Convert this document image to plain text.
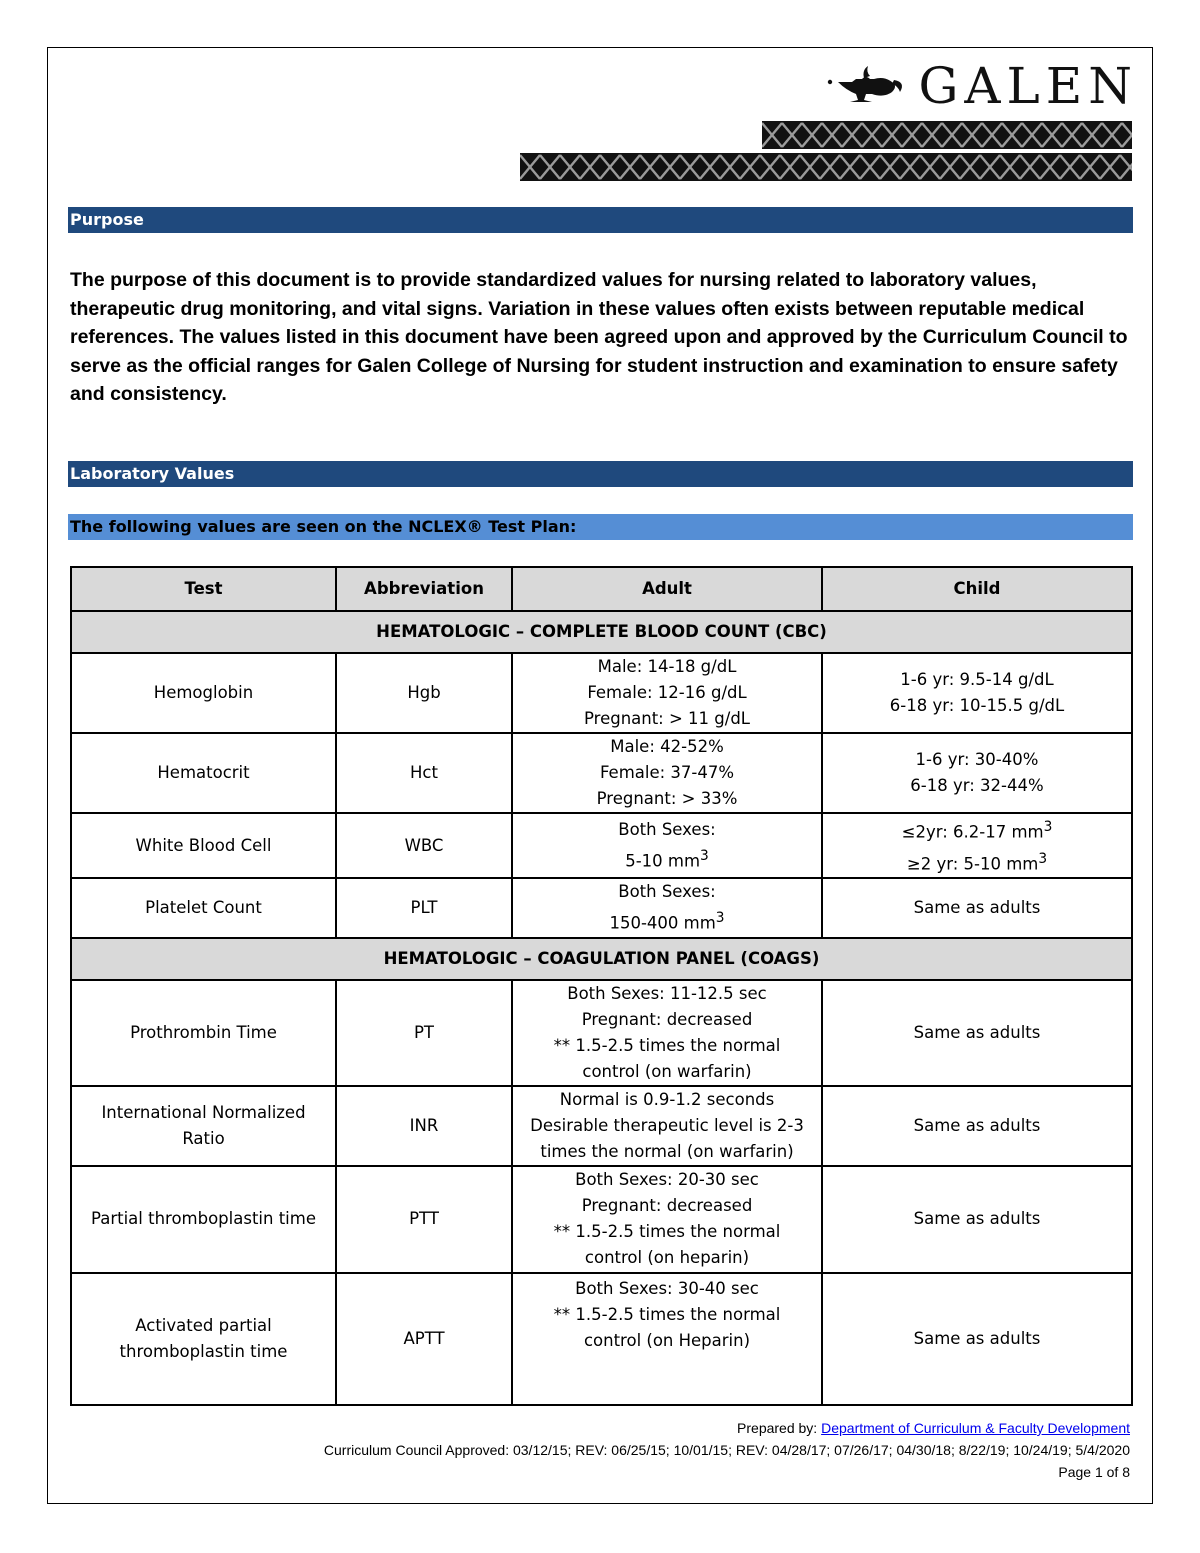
GALEN
Purpose

The purpose of this document is to provide standardized values for nursing related to laboratory values, therapeutic drug monitoring, and vital signs. Variation in these values often exists between reputable medical references. The values listed in this document have been agreed upon and approved by the Curriculum Council to serve as the official ranges for Galen College of Nursing for student instruction and examination to ensure safety and consistency.

Laboratory Values
The following values are seen on the NCLEX® Test Plan:
Test	Abbreviation	Adult	Child
HEMATOLOGIC – COMPLETE BLOOD COUNT (CBC)			
Hemoglobin	Hgb	Male: 14-18 g/dL
Female: 12-16 g/dL
Pregnant: > 11 g/dL	1-6 yr: 9.5-14 g/dL
6-18 yr: 10-15.5 g/dL

Hematocrit	Hct	Male: 42-52%
Female: 37-47%
Pregnant: > 33%	1-6 yr: 30-40%
6-18 yr: 32-44%

White Blood Cell	WBC	Both Sexes:
5-10 $mm^3$	≤2yr: 6.2-17 $mm^3$
≥2 yr: 5-10 $mm^3$

Platelet Count	PLT	Both Sexes:
150-400 $mm^3$	Same as adults
HEMATOLOGIC – COAGULATION PANEL (COAGS)			
Prothrombin Time	PT	Both Sexes: 11-12.5 sec
Pregnant: decreased
** 1.5-2.5 times the normal
control (on warfarin)	Same as adults

International Normalized
Ratio	INR	Normal is 0.9-1.2 seconds
Desirable therapeutic level is 2-3
times the normal (on warfarin)	Same as adults
Partial thromboplastin time	PTT	Both Sexes: 20-30 sec
Pregnant: decreased
** 1.5-2.5 times the normal
control (on heparin)	Same as adults

Activated partial
thromboplastin time	APTT	Both Sexes: 30-40 sec
** 1.5-2.5 times the normal
control (on Heparin)	Same as adults
Prepared by: Department of Curriculum & Faculty Development
Curriculum Council Approved: 03/12/15; REV: 06/25/15; 10/01/15; REV: 04/28/17; 07/26/17; 04/30/18; 8/22/19; 10/24/19; 5/4/2020
Page 1 of 8
